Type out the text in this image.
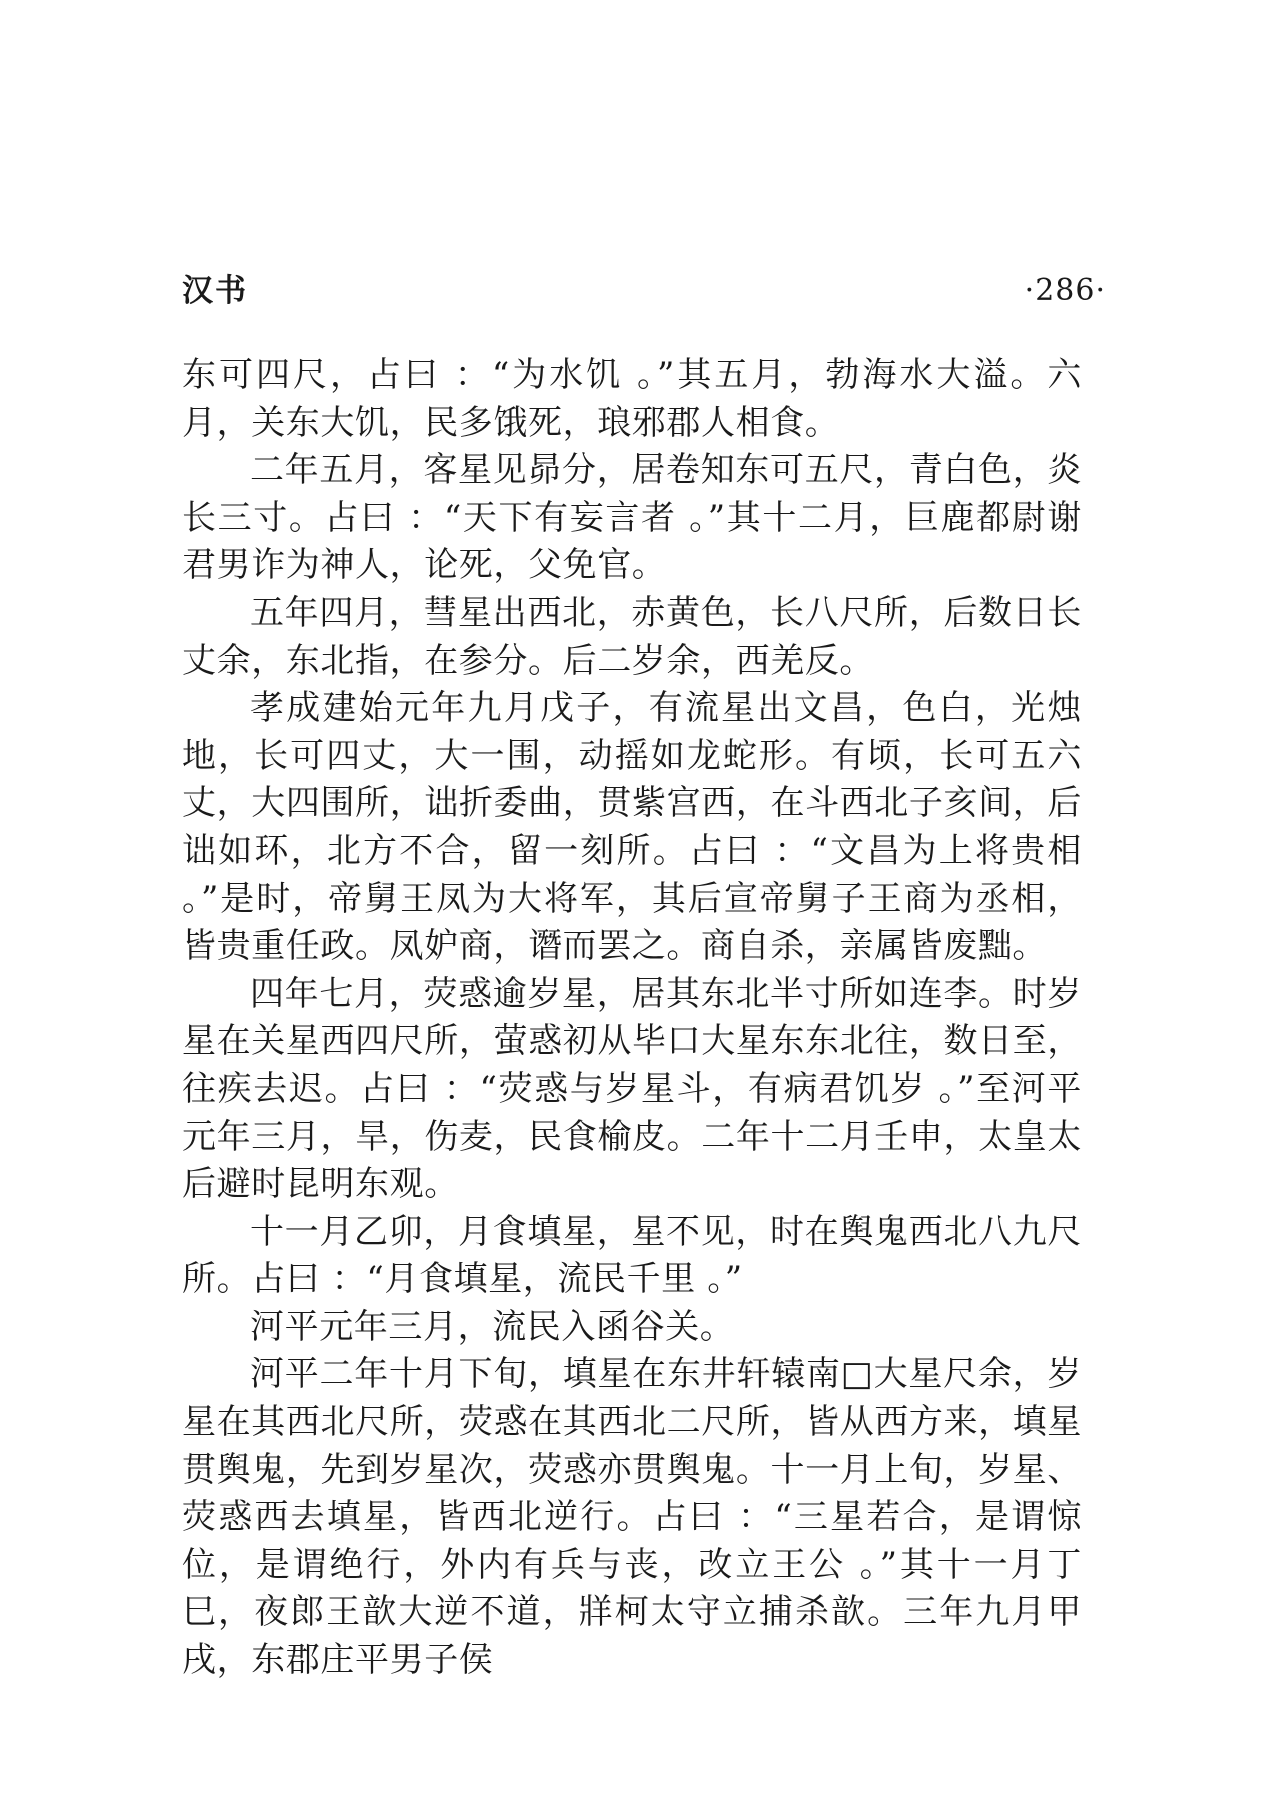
汉书	·286·

东可四尺，占曰 ：“为水饥 。”其五月，勃海水大溢。六月，关东大饥，民多饿死，琅邪郡人相食。

二年五月，客星见昴分，居卷知东可五尺，青白色，炎长三寸。占曰 ：“天下有妄言者 。”其十二月，巨鹿都尉谢君男诈为神人，论死，父免官。

五年四月，彗星出西北，赤黄色，长八尺所，后数日长丈余，东北指，在参分。后二岁余，西羌反。

孝成建始元年九月戊子，有流星出文昌，色白，光烛地，长可四丈，大一围，动摇如龙蛇形。有顷，长可五六丈，大四围所，诎折委曲，贯紫宫西，在斗西北子亥间，后诎如环，北方不合，留一刻所。占曰 ：“文昌为上将贵相 。”是时，帝舅王凤为大将军，其后宣帝舅子王商为丞相，皆贵重任政。凤妒商，谮而罢之。商自杀，亲属皆废黜。

四年七月，荧惑逾岁星，居其东北半寸所如连李。时岁星在关星西四尺所，萤惑初从毕口大星东东北往，数日至，往疾去迟。占曰 ：“荧惑与岁星斗，有病君饥岁 。”至河平元年三月，旱，伤麦，民食榆皮。二年十二月壬申，太皇太后避时昆明东观。

十一月乙卯，月食填星，星不见，时在舆鬼西北八九尺所。占曰 ：“月食填星，流民千里 。”

河平元年三月，流民入函谷关。

河平二年十月下旬，填星在东井轩辕南□大星尺余，岁星在其西北尺所，荧惑在其西北二尺所，皆从西方来，填星贯舆鬼，先到岁星次，荧惑亦贯舆鬼。十一月上旬，岁星、荧惑西去填星，皆西北逆行。占曰 ：“三星若合，是谓惊位，是谓绝行，外内有兵与丧，改立王公 。”其十一月丁巳，夜郎王歆大逆不道，牂柯太守立捕杀歆。三年九月甲戌，东郡庄平男子侯
